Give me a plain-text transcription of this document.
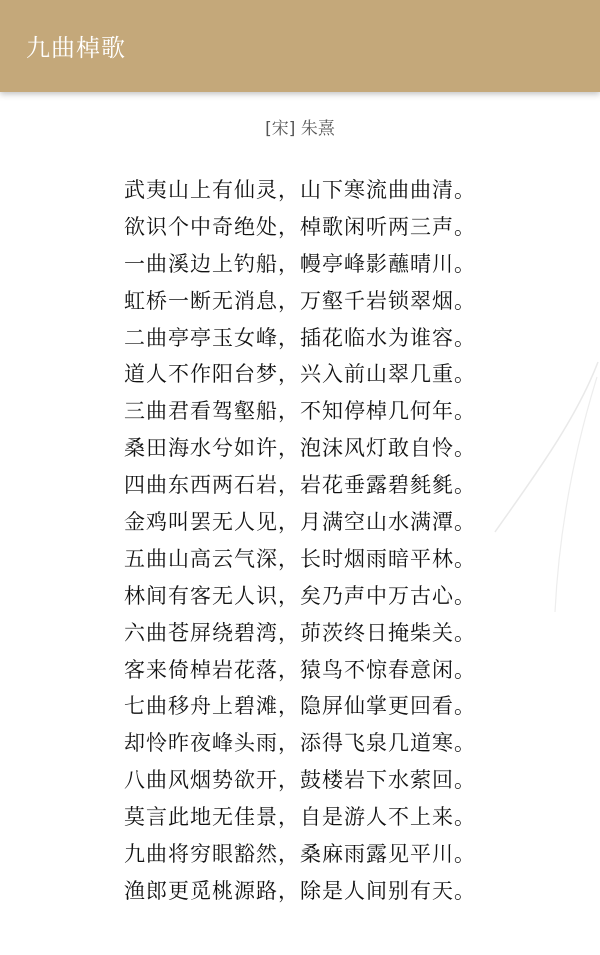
九曲棹歌
[宋] 朱熹
武夷山上有仙灵，山下寒流曲曲清。
欲识个中奇绝处，棹歌闲听两三声。
一曲溪边上钓船，幔亭峰影蘸晴川。
虹桥一断无消息，万壑千岩锁翠烟。
二曲亭亭玉女峰，插花临水为谁容。
道人不作阳台梦，兴入前山翠几重。
三曲君看驾壑船，不知停棹几何年。
桑田海水兮如许，泡沫风灯敢自怜。
四曲东西两石岩，岩花垂露碧毵毿。
金鸡叫罢无人见，月满空山水满潭。
五曲山高云气深，长时烟雨暗平林。
林间有客无人识，矣乃声中万古心。
六曲苍屏绕碧湾，茆茨终日掩柴关。
客来倚棹岩花落，猿鸟不惊春意闲。
七曲移舟上碧滩，隐屏仙掌更回看。
却怜昨夜峰头雨，添得飞泉几道寒。
八曲风烟势欲开，鼓楼岩下水萦回。
莫言此地无佳景，自是游人不上来。
九曲将穷眼豁然，桑麻雨露见平川。
渔郎更觅桃源路，除是人间别有天。
